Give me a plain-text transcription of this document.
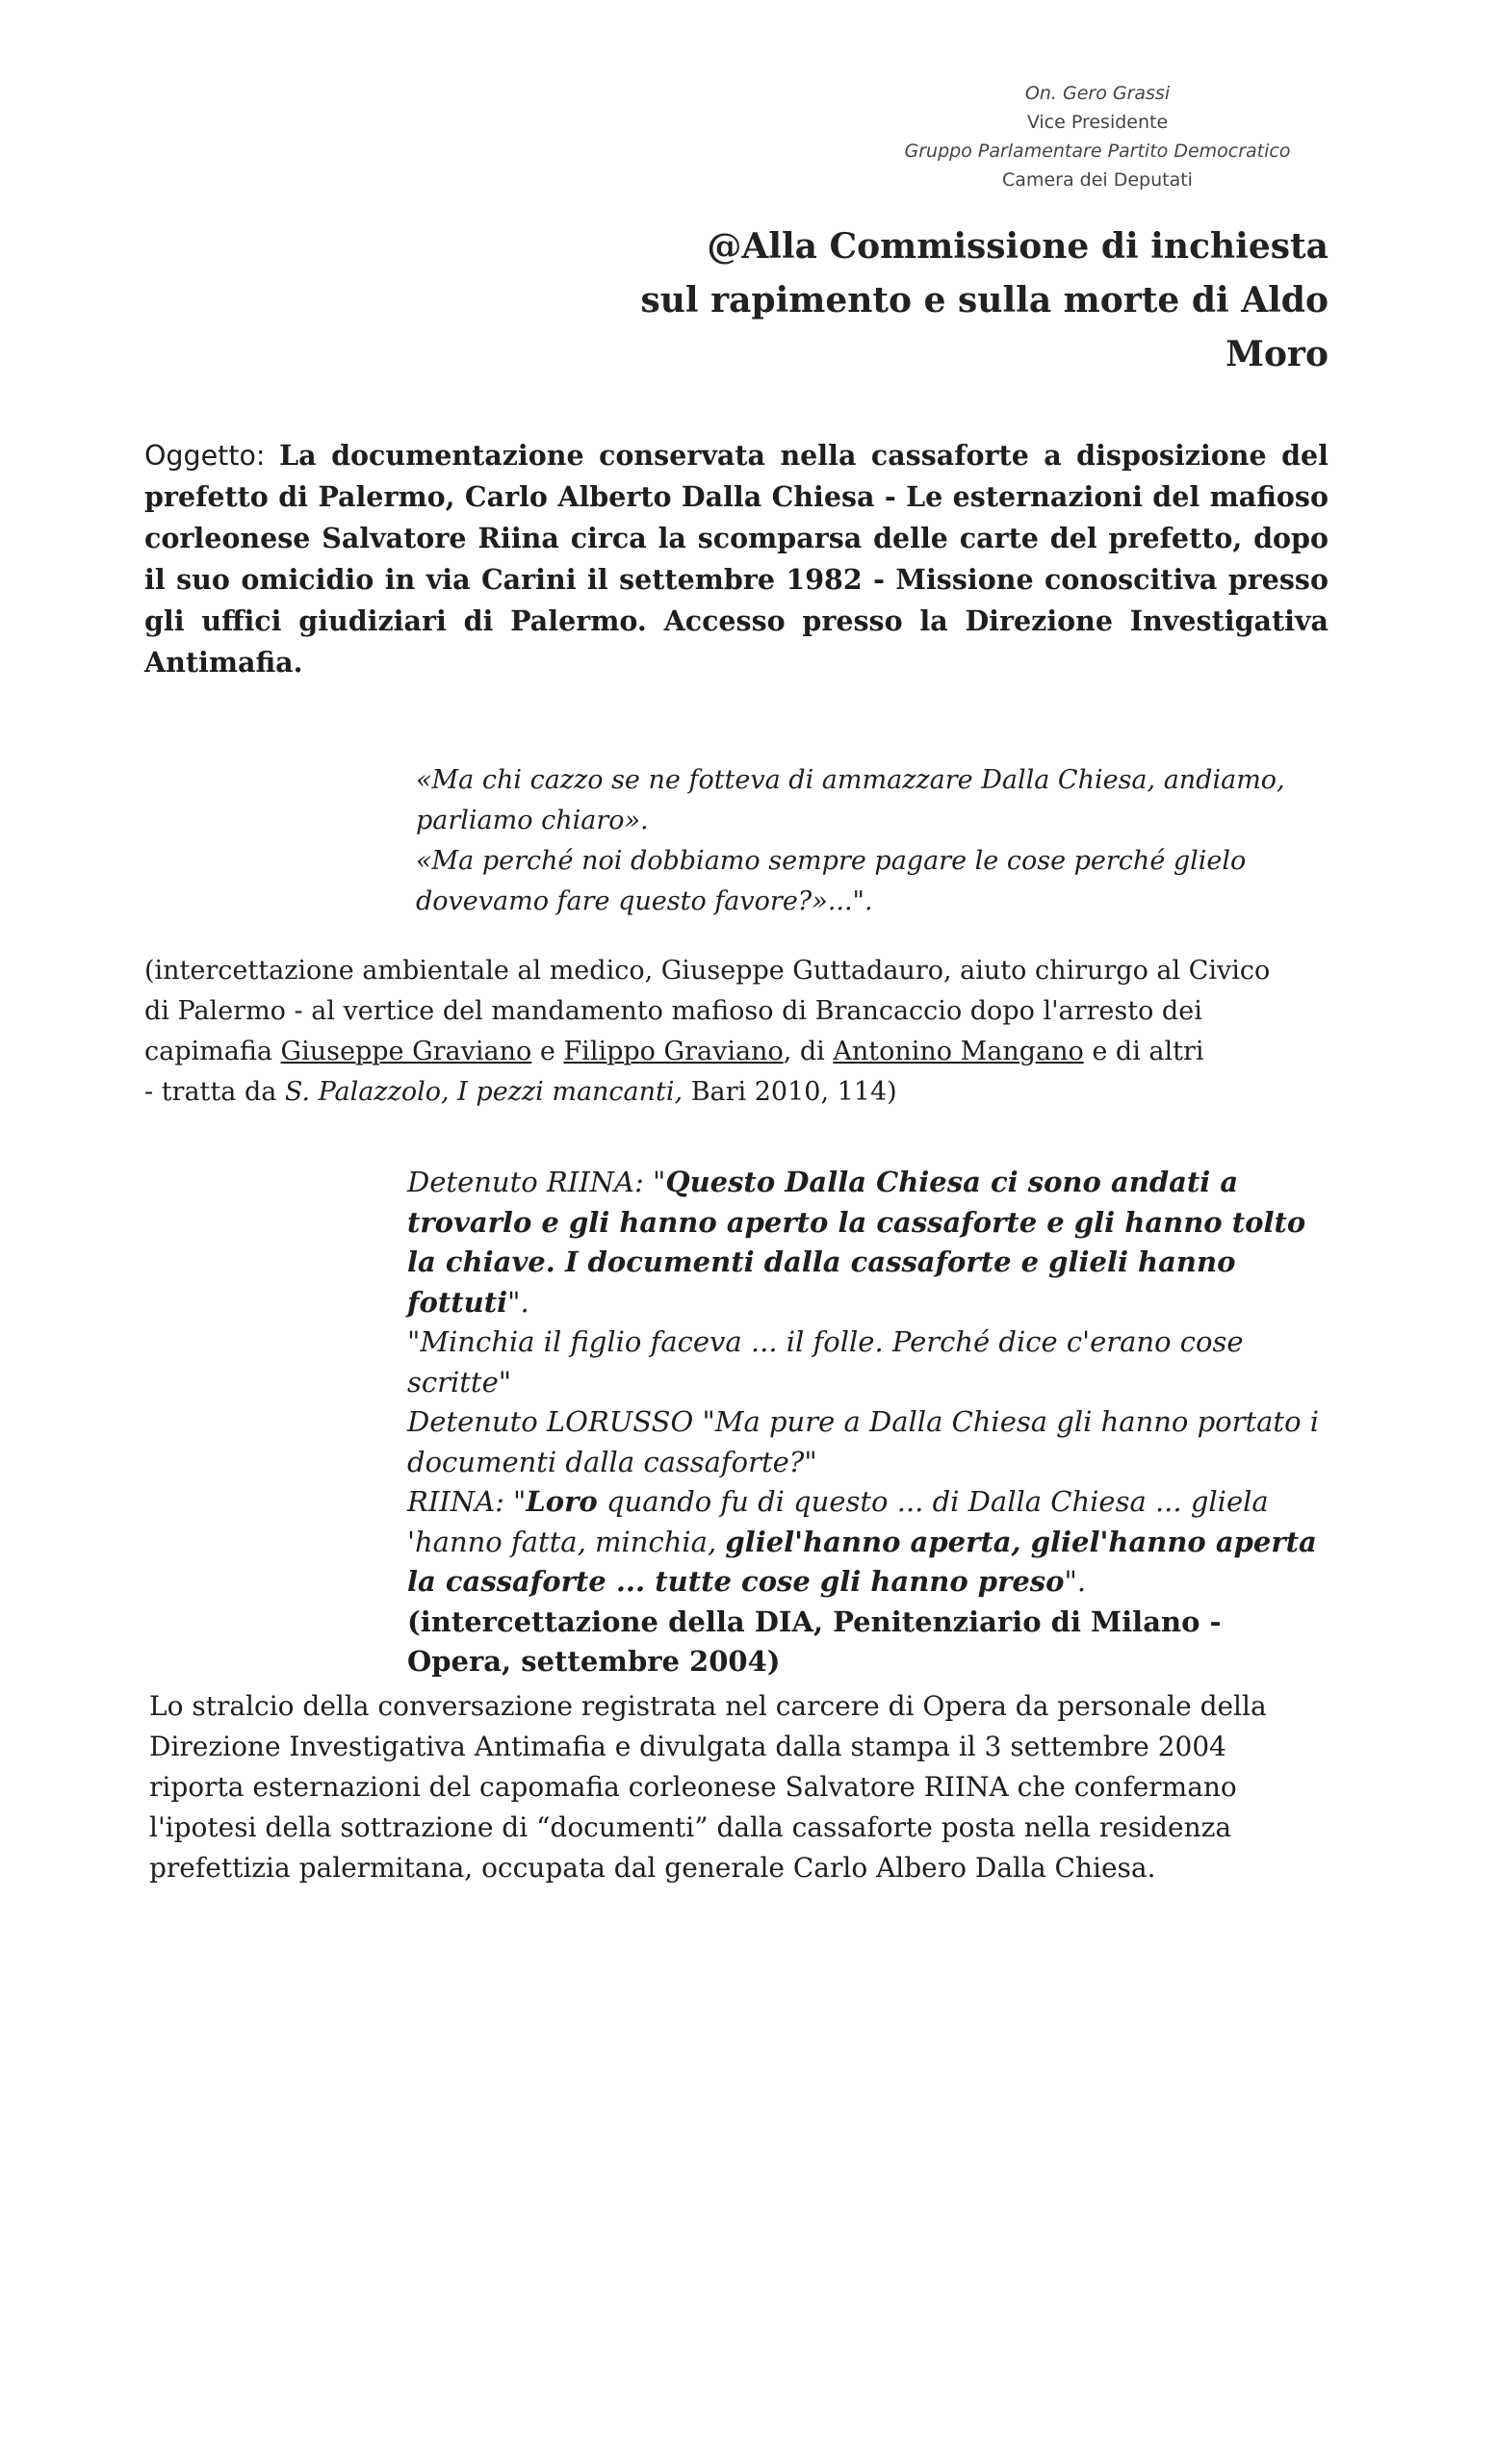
On. Gero Grassi
Vice Presidente
Gruppo Parlamentare Partito Democratico
Camera dei Deputati
@Alla Commissione di inchiesta
sul rapimento e sulla morte di Aldo Moro
Oggetto: La documentazione conservata nella cassaforte a disposizione del prefetto di Palermo, Carlo Alberto Dalla Chiesa - Le esternazioni del mafioso corleonese Salvatore Riina circa la scomparsa delle carte del prefetto, dopo il suo omicidio in via Carini il settembre 1982 - Missione conoscitiva presso gli uffici giudiziari di Palermo. Accesso presso la Direzione Investigativa Antimafia.

«Ma chi cazzo se ne fotteva di ammazzare Dalla Chiesa, andiamo,

parliamo chiaro».

«Ma perché noi dobbiamo sempre pagare le cose perché glielo

dovevamo fare questo favore?»...".

(intercettazione ambientale al medico, Giuseppe Guttadauro, aiuto chirurgo al Civico

di Palermo - al vertice del mandamento mafioso di Brancaccio dopo l'arresto dei

capimafia Giuseppe Graviano e Filippo Graviano, di Antonino Mangano e di altri

- tratta da S. Palazzolo, I pezzi mancanti, Bari 2010, 114)

Detenuto RIINA: "Questo Dalla Chiesa ci sono andati a trovarlo e gli hanno aperto la cassaforte e gli hanno tolto la chiave. I documenti dalla cassaforte e glieli hanno fottuti".

"Minchia il figlio faceva ... il folle. Perché dice c'erano cose scritte"

Detenuto LORUSSO "Ma pure a Dalla Chiesa gli hanno portato i documenti dalla cassaforte?"

RIINA: "Loro quando fu di questo ... di Dalla Chiesa ... gliela 'hanno fatta, minchia, gliel'hanno aperta, gliel'hanno aperta la cassaforte ... tutte cose gli hanno preso".

(intercettazione della DIA, Penitenziario di Milano - Opera, settembre 2004)

Lo stralcio della conversazione registrata nel carcere di Opera da personale della Direzione Investigativa Antimafia e divulgata dalla stampa il 3 settembre 2004 riporta esternazioni del capomafia corleonese Salvatore RIINA che confermano l'ipotesi della sottrazione di “documenti” dalla cassaforte posta nella residenza prefettizia palermitana, occupata dal generale Carlo Albero Dalla Chiesa.
